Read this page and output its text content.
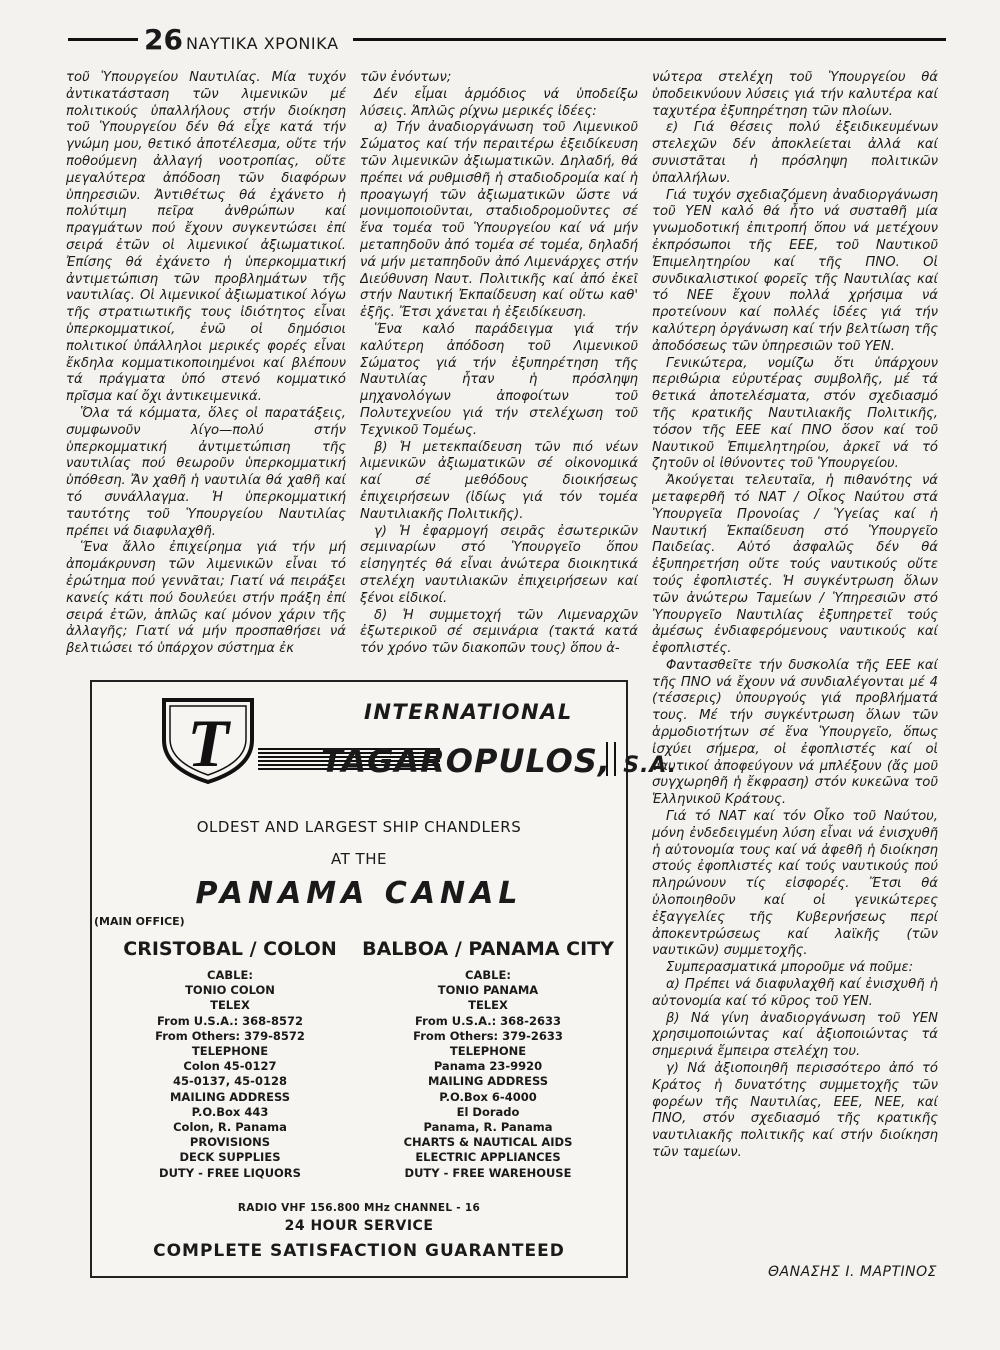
26 ΝΑΥΤΙΚΑ ΧΡΟΝΙΚΑ

τοῦ Ὑπουργείου Ναυτιλίας. Μία τυχόν ἀντικατάσταση τῶν λιμενικῶν μέ πολιτικούς ὑπαλλήλους στήν διοίκηση τοῦ Ὑπουργείου δέν θά εἶχε κατά τήν γνώμη μου, θετικό ἀποτέλεσμα, οὔτε τήν ποθούμενη ἀλλαγή νοοτροπίας, οὔτε μεγαλύτερα ἀπόδοση τῶν διαφόρων ὑπηρεσιῶν. Ἀντιθέτως θά ἐχάνετο ἡ πολύτιμη πεῖρα ἀνθρώπων καί πραγμάτων πού ἔχουν συγκεντώσει ἐπί σειρά ἐτῶν οἱ λιμενικοί ἀξιωματικοί. Ἐπίσης θά ἐχάνετο ἡ ὑπερκομματική ἀντιμετώπιση τῶν προβλημάτων τῆς ναυτιλίας. Οἱ λιμενικοί ἀξιωματικοί λόγω τῆς στρατιωτικῆς τους ἰδιότητος εἶναι ὑπερκομματικοί, ἐνῶ οἱ δημόσιοι πολιτικοί ὑπάλληλοι μερικές φορές εἶναι ἔκδηλα κομματικοποιημένοι καί βλέπουν τά πράγματα ὑπό στενό κομματικό πρῖσμα καί ὄχι ἀντικειμενικά.

Ὅλα τά κόμματα, ὅλες οἱ παρατάξεις, συμφωνοῦν λίγο—πολύ στήν ὑπερκομματική ἀντιμετώπιση τῆς ναυτιλίας πού θεωροῦν ὑπερκομματική ὑπόθεση. Ἄν χαθῆ ἡ ναυτιλία θά χαθῆ καί τό συνάλλαγμα. Ἡ ὑπερκομματική ταυτότης τοῦ Ὑπουργείου Ναυτιλίας πρέπει νά διαφυλαχθῆ.

Ἕνα ἄλλο ἐπιχείρημα γιά τήν μή ἀπομάκρυνση τῶν λιμενικῶν εἶναι τό ἐρώτημα πού γεννᾶται; Γιατί νά πειράξει κανείς κάτι πού δουλεύει στήν πράξη ἐπί σειρά ἐτῶν, ἁπλῶς καί μόνον χάριν τῆς ἀλλαγῆς; Γιατί νά μήν προσπαθήσει νά βελτιώσει τό ὑπάρχον σύστημα ἐκ

τῶν ἐνόντων;

Δέν εἶμαι ἁρμόδιος νά ὑποδείξω λύσεις. Ἁπλῶς ρίχνω μερικές ἰδέες:

α) Τήν ἀναδιοργάνωση τοῦ Λιμενικοῦ Σώματος καί τήν περαιτέρω ἐξειδίκευση τῶν λιμενικῶν ἀξιωματικῶν. Δηλαδή, θά πρέπει νά ρυθμισθῆ ἡ σταδιοδρομία καί ἡ προαγωγή τῶν ἀξιωματικῶν ὥστε νά μονιμοποιοῦνται, σταδιοδρομοῦντες σέ ἕνα τομέα τοῦ Ὑπουργείου καί νά μήν μεταπηδοῦν ἀπό τομέα σέ τομέα, δηλαδή νά μήν μεταπηδοῦν ἀπό Λιμενάρχες στήν Διεύθυνση Ναυτ. Πολιτικῆς καί ἀπό ἐκεῖ στήν Ναυτική Ἐκπαίδευση καί οὕτω καθ' ἑξῆς. Ἔτσι χάνεται ἡ ἐξειδίκευση.

Ἕνα καλό παράδειγμα γιά τήν καλύτερη ἀπόδοση τοῦ Λιμενικοῦ Σώματος γιά τήν ἐξυπηρέτηση τῆς Ναυτιλίας ἦταν ἡ πρόσληψη μηχανολόγων ἀποφοίτων τοῦ Πολυτεχνείου γιά τήν στελέχωση τοῦ Τεχνικοῦ Τομέως.

β) Ἡ μετεκπαίδευση τῶν πιό νέων λιμενικῶν ἀξιωματικῶν σέ οἰκονομικά καί σέ μεθόδους διοικήσεως ἐπιχειρήσεων (ἰδίως γιά τόν τομέα Ναυτιλιακῆς Πολιτικῆς).

γ) Ἡ ἐφαρμογή σειρᾶς ἐσωτερικῶν σεμιναρίων στό Ὑπουργεῖο ὅπου εἰσηγητές θά εἶναι ἀνώτερα διοικητικά στελέχη ναυτιλιακῶν ἐπιχειρήσεων καί ξένοι εἰδικοί.

δ) Ἡ συμμετοχή τῶν Λιμεναρχῶν ἐξωτερικοῦ σέ σεμινάρια (τακτά κατά τόν χρόνο τῶν διακοπῶν τους) ὅπου ἀ-

νώτερα στελέχη τοῦ Ὑπουργείου θά ὑποδεικνύουν λύσεις γιά τήν καλυτέρα καί ταχυτέρα ἐξυπηρέτηση τῶν πλοίων.

ε) Γιά θέσεις πολύ ἐξειδικευμένων στελεχῶν δέν ἀποκλείεται ἀλλά καί συνιστᾶται ἡ πρόσληψη πολιτικῶν ὑπαλλήλων.

Γιά τυχόν σχεδιαζόμενη ἀναδιοργάνωση τοῦ ΥΕΝ καλό θά ἦτο νά συσταθῆ μία γνωμοδοτική ἐπιτροπή ὅπου νά μετέχουν ἐκπρόσωποι τῆς ΕΕΕ, τοῦ Ναυτικοῦ Ἐπιμελητηρίου καί τῆς ΠΝΟ. Οἱ συνδικαλιστικοί φορεῖς τῆς Ναυτιλίας καί τό ΝΕΕ ἔχουν πολλά χρήσιμα νά προτείνουν καί πολλές ἰδέες γιά τήν καλύτερη ὀργάνωση καί τήν βελτίωση τῆς ἀποδόσεως τῶν ὑπηρεσιῶν τοῦ ΥΕΝ.

Γενικώτερα, νομίζω ὅτι ὑπάρχουν περιθώρια εὐρυτέρας συμβολῆς, μέ τά θετικά ἀποτελέσματα, στόν σχεδιασμό τῆς κρατικῆς Ναυτιλιακῆς Πολιτικῆς, τόσον τῆς ΕΕΕ καί ΠΝΟ ὅσον καί τοῦ Ναυτικοῦ Ἐπιμελητηρίου, ἀρκεῖ νά τό ζητοῦν οἱ ἰθύνοντες τοῦ Ὑπουργείου.

Ἀκούγεται τελευταῖα, ἡ πιθανότης νά μεταφερθῆ τό ΝΑΤ / Οἶκος Ναύτου στά Ὑπουργεῖα Προνοίας / Ὑγείας καί ἡ Ναυτική Ἐκπαίδευση στό Ὑπουργεῖο Παιδείας. Αὐτό ἀσφαλῶς δέν θά ἐξυπηρετήση οὔτε τούς ναυτικούς οὔτε τούς ἐφοπλιστές. Ἡ συγκέντρωση ὅλων τῶν ἀνώτερω Ταμείων / Ὑπηρεσιῶν στό Ὑπουργεῖο Ναυτιλίας ἐξυπηρετεῖ τούς ἀμέσως ἐνδιαφερόμενους ναυτικούς καί ἐφοπλιστές.

Φαντασθεῖτε τήν δυσκολία τῆς ΕΕΕ καί τῆς ΠΝΟ νά ἔχουν νά συνδιαλέγονται μέ 4 (τέσσερις) ὑπουργούς γιά προβλήματά τους. Μέ τήν συγκέντρωση ὅλων τῶν ἁρμοδιοτήτων σέ ἕνα Ὑπουργεῖο, ὅπως ἰσχύει σήμερα, οἱ ἐφοπλιστές καί οἱ ναυτικοί ἀποφεύγουν νά μπλέξουν (ἄς μοῦ συγχωρηθῆ ἡ ἔκφραση) στόν κυκεῶνα τοῦ Ἑλληνικοῦ Κράτους.

Γιά τό ΝΑΤ καί τόν Οἶκο τοῦ Ναύτου, μόνη ἐνδεδειγμένη λύση εἶναι νά ἐνισχυθῆ ἡ αὐτονομία τους καί νά ἀφεθῆ ἡ διοίκηση στούς ἐφοπλιστές καί τούς ναυτικούς πού πληρώνουν τίς εἰσφορές. Ἔτσι θά ὑλοποιηθοῦν καί οἱ γενικώτερες ἐξαγγελίες τῆς Κυβερνήσεως περί ἀποκεντρώσεως καί λαϊκῆς (τῶν ναυτικῶν) συμμετοχῆς.

Συμπερασματικά μποροῦμε νά ποῦμε:

α) Πρέπει νά διαφυλαχθῆ καί ἐνισχυθῆ ἡ αὐτονομία καί τό κῦρος τοῦ ΥΕΝ.

β) Νά γίνη ἀναδιοργάνωση τοῦ ΥΕΝ χρησιμοποιώντας καί ἀξιοποιώντας τά σημερινά ἔμπειρα στελέχη του.

γ) Νά ἀξιοποιηθῆ περισσότερο ἀπό τό Κράτος ἡ δυνατότης συμμετοχῆς τῶν φορέων τῆς Ναυτιλίας, ΕΕΕ, ΝΕΕ, καί ΠΝΟ, στόν σχεδιασμό τῆς κρατικῆς ναυτιλιακῆς πολιτικῆς καί στήν διοίκηση τῶν ταμείων.

ΘΑΝΑΣΗΣ Ι. ΜΑΡΤΙΝΟΣ
T	INTERNATIONAL
TAGAROPULOS, S.A.
OLDEST AND LARGEST SHIP CHANDLERS
AT THE
PANAMA CANAL
(MAIN OFFICE)
CRISTOBAL / COLON
CABLE:
TONIO COLON
TELEX
From U.S.A.: 368-8572
From Others: 379-8572
TELEPHONE
Colon 45-0127
45-0137, 45-0128
MAILING ADDRESS
P.O.Box 443
Colon, R. Panama
PROVISIONS
DECK SUPPLIES
DUTY - FREE LIQUORS
BALBOA / PANAMA CITY
CABLE:
TONIO PANAMA
TELEX
From U.S.A.: 368-2633
From Others: 379-2633
TELEPHONE
Panama 23-9920
MAILING ADDRESS
P.O.Box 6-4000
El Dorado
Panama, R. Panama
CHARTS & NAUTICAL AIDS
ELECTRIC APPLIANCES
DUTY - FREE WAREHOUSE
RADIO VHF 156.800 MHz CHANNEL - 16
24 HOUR SERVICE
COMPLETE SATISFACTION GUARANTEED
